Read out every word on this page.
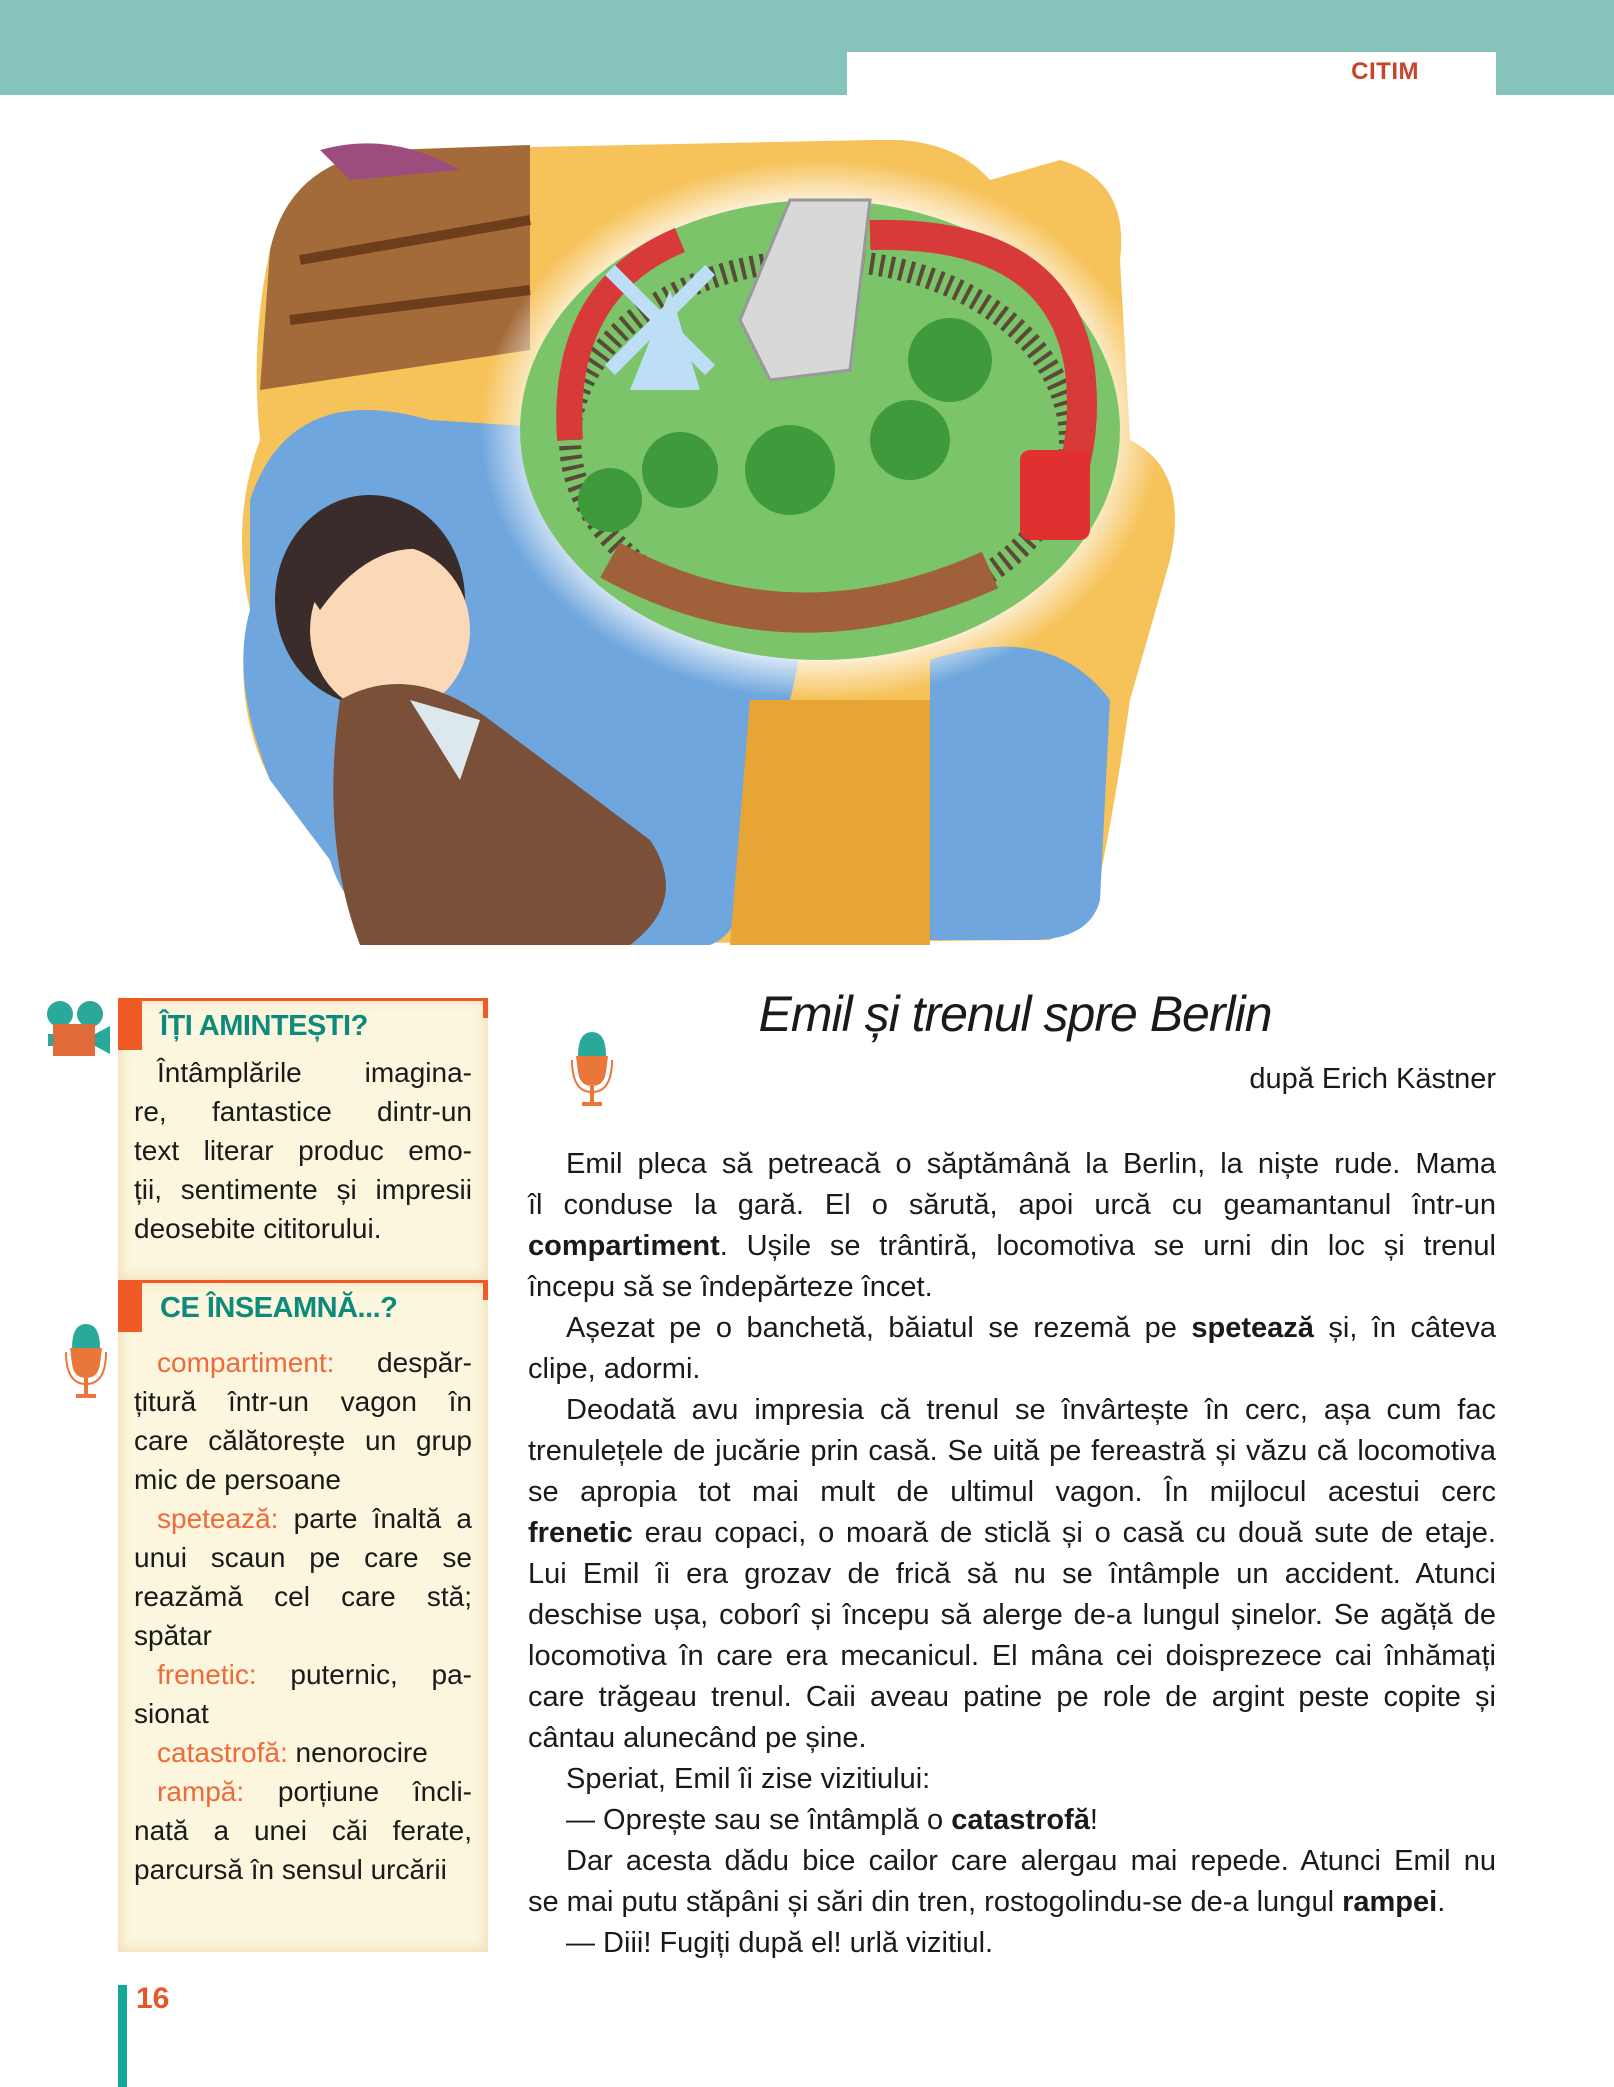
CITIM
ÎȚI AMINTEȘTI?
Întâmplările imagina-
re, fantastice dintr-un
text literar produc emo-
ții, sentimente și impresii
deosebite cititorului.
CE ÎNSEAMNĂ...?
compartiment: despăr-
țitură într-un vagon în
care călătorește un grup
mic de persoane
spetează: parte înaltă a
unui scaun pe care se
reazămă cel care stă;
spătar
frenetic: puternic, pa-
sionat
catastrofă: nenorocire
rampă: porțiune încli-
nată a unei căi ferate,
parcursă în sensul urcării
Emil și trenul spre Berlin
după Erich Kästner
Emil pleca să petreacă o săptămână la Berlin, la niște rude. Mama
îl conduse la gară. El o sărută, apoi urcă cu geamantanul într-un
compartiment. Ușile se trântiră, locomotiva se urni din loc și trenul
începu să se îndepărteze încet.
Așezat pe o banchetă, băiatul se rezemă pe spetează și, în câteva
clipe, adormi.
Deodată avu impresia că trenul se învârtește în cerc, așa cum fac
trenulețele de jucărie prin casă. Se uită pe fereastră și văzu că locomotiva
se apropia tot mai mult de ultimul vagon. În mijlocul acestui cerc
frenetic erau copaci, o moară de sticlă și o casă cu două sute de etaje.
Lui Emil îi era grozav de frică să nu se întâmple un accident. Atunci
deschise ușa, coborî și începu să alerge de-a lungul șinelor. Se agăță de
locomotiva în care era mecanicul. El mâna cei doisprezece cai înhămați
care trăgeau trenul. Caii aveau patine pe role de argint peste copite și
cântau alunecând pe șine.
Speriat, Emil îi zise vizitiului:
— Oprește sau se întâmplă o catastrofă!
Dar acesta dădu bice cailor care alergau mai repede. Atunci Emil nu
se mai putu stăpâni și sări din tren, rostogolindu-se de-a lungul rampei.
— Diii! Fugiți după el! urlă vizitiul.
16
